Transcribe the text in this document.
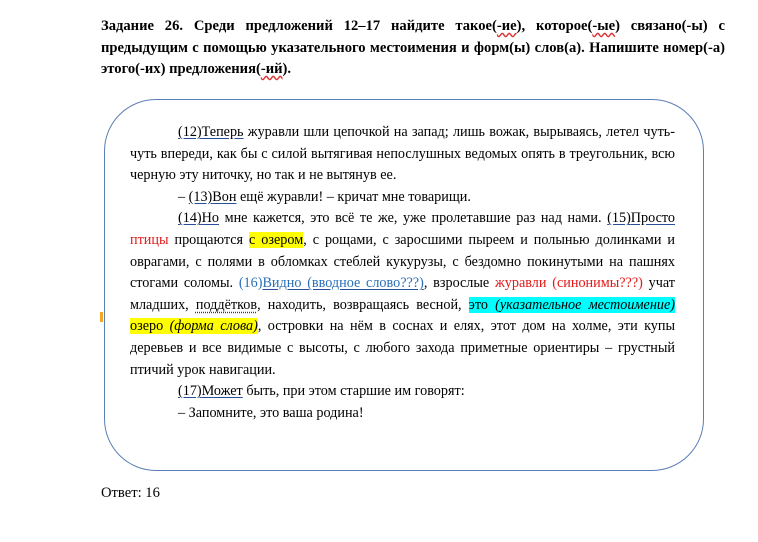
Задание 26. Среди предложений 12–17 найдите такое(-ие), которое(-ые) связано(-ы) с предыдущим с помощью указательного местоимения и форм(ы) слов(а). Напишите номер(-а) этого(-их) предложения(-ий).

(12)Теперь журавли шли цепочкой на запад; лишь вожак, вырываясь, летел чуть-чуть впереди, как бы с силой вытягивая непослушных ведомых опять в треугольник, всю черную эту ниточку, но так и не вытянув ее.

– (13)Вон ещё журавли! – кричат мне товарищи.

(14)Но мне кажется, это всё те же, уже пролетавшие раз над нами. (15)Просто птицы прощаются с озером, с рощами, с заросшими пыреем и полынью долинками и оврагами, с полями в обломках стеблей кукурузы, с бездомно покинутыми на пашнях стогами соломы. (16)Видно (вводное слово???), взрослые журавли (синонимы???) учат младших, поддётков, находить, возвращаясь весной, это (указательное местоимение) озеро (форма слова), островки на нём в соснах и елях, этот дом на холме, эти купы деревьев и все видимые с высоты, с любого захода приметные ориентиры – грустный птичий урок навигации.

(17)Может быть, при этом старшие им говорят:

– Запомните, это ваша родина!

Ответ: 16
